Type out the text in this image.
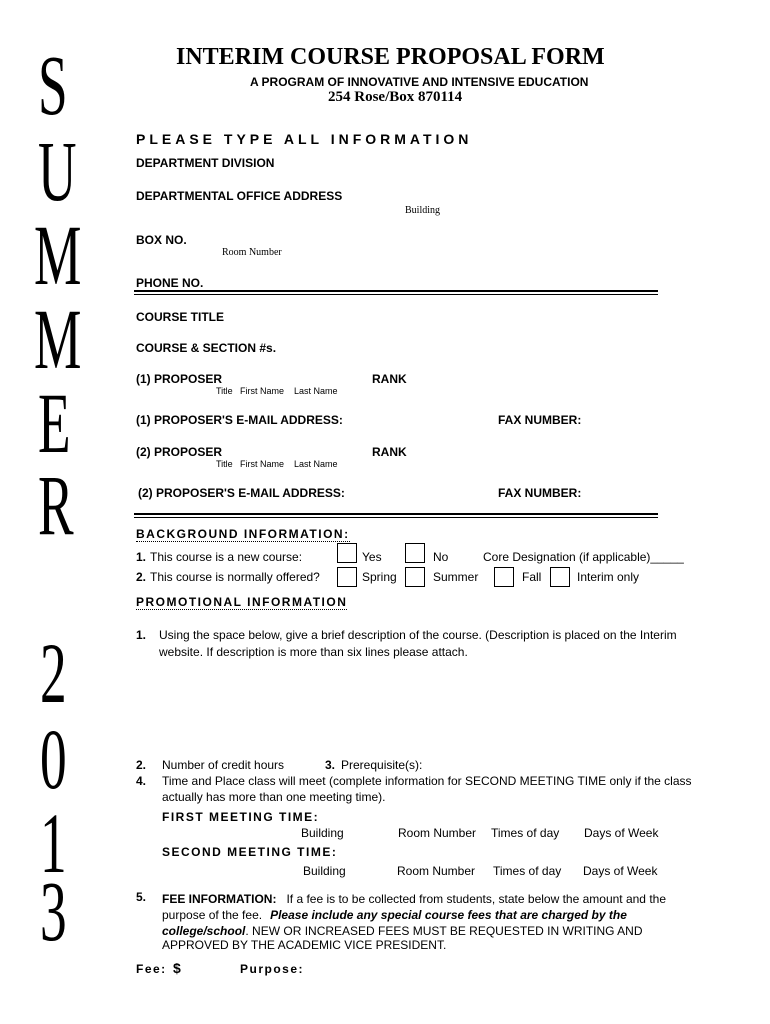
S
U
M
M
E
R
2
0
1
3
INTERIM COURSE PROPOSAL FORM
A PROGRAM OF INNOVATIVE AND INTENSIVE EDUCATION
254 Rose/Box 870114
PLEASE TYPE ALL INFORMATION
DEPARTMENT DIVISION
DEPARTMENTAL OFFICE ADDRESS
Building
BOX NO.
Room Number
PHONE NO.
COURSE TITLE
COURSE & SECTION #s.
(1) PROPOSER	RANK
Title First Name Last Name
(1) PROPOSER'S E-MAIL ADDRESS:	FAX NUMBER:
(2) PROPOSER	RANK
Title First Name Last Name
(2) PROPOSER'S E-MAIL ADDRESS:	FAX NUMBER:
BACKGROUND INFORMATION:
1. This course is a new course:	Yes	No	Core Designation (if applicable)_____
2. This course is normally offered?	Spring	Summer	Fall	Interim only
PROMOTIONAL INFORMATION
1. Using the space below, give a brief description of the course. (Description is placed on the Interim
website. If description is more than six lines please attach.
2. Number of credit hours	3. Prerequisite(s):
4. Time and Place class will meet (complete information for SECOND MEETING TIME only if the class
actually has more than one meeting time).
FIRST MEETING TIME:
Building	Room Number Times of day Days of Week
SECOND MEETING TIME:
Building	Room Number Times of day Days of Week
5. FEE INFORMATION: If a fee is to be collected from students, state below the amount and the
purpose of the fee. Please include any special course fees that are charged by the
college/school. NEW OR INCREASED FEES MUST BE REQUESTED IN WRITING AND
APPROVED BY THE ACADEMIC VICE PRESIDENT.
Fee: $	Purpose:
